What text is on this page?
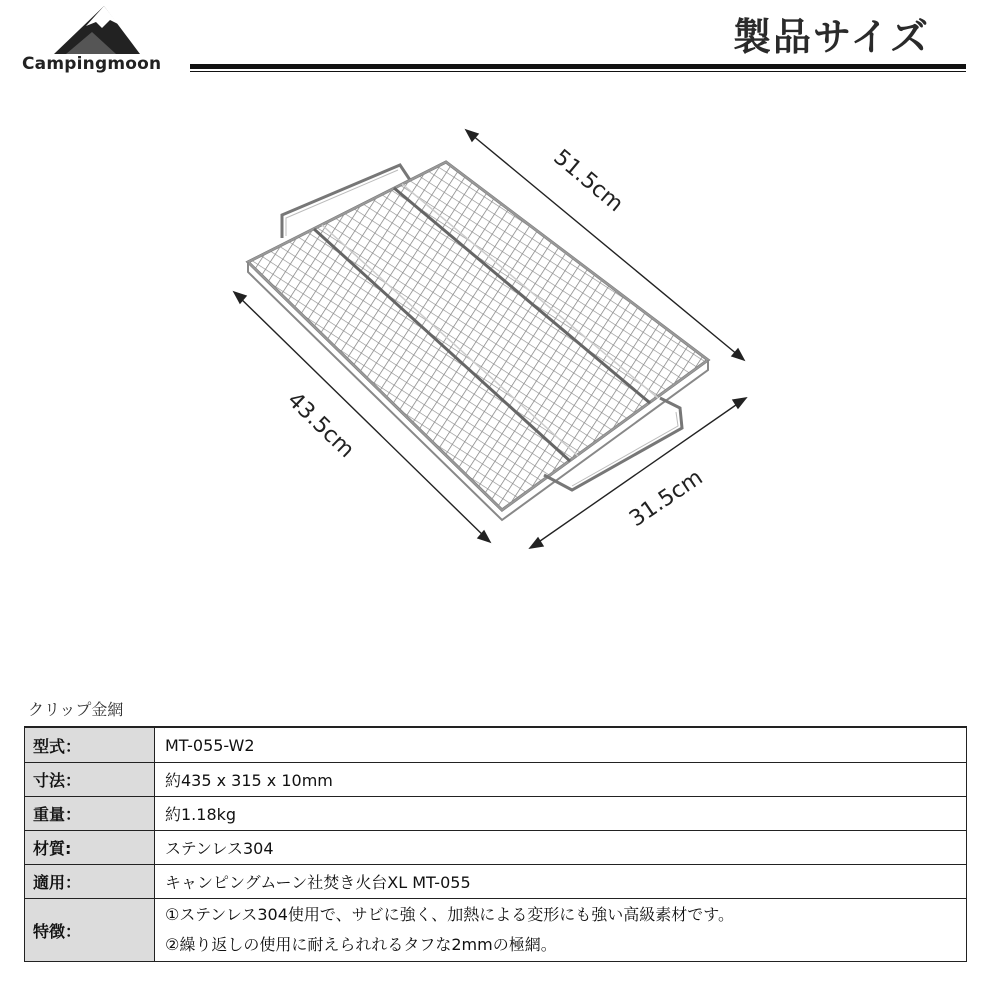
Campingmoon
製品サイズ
51.5cm
43.5cm
31.5cm
クリップ金網
型式：	MT-055-W2
寸法：	約435 x 315 x 10mm
重量：	約1.18kg
材質:	ステンレス304
適用：	キャンピングムーン社焚き火台XL MT-055
特徴：	①ステンレス304使用で、サビに強く、加熱による変形にも強い高級素材です。
②繰り返しの使用に耐えられれるタフな2mmの極網。
